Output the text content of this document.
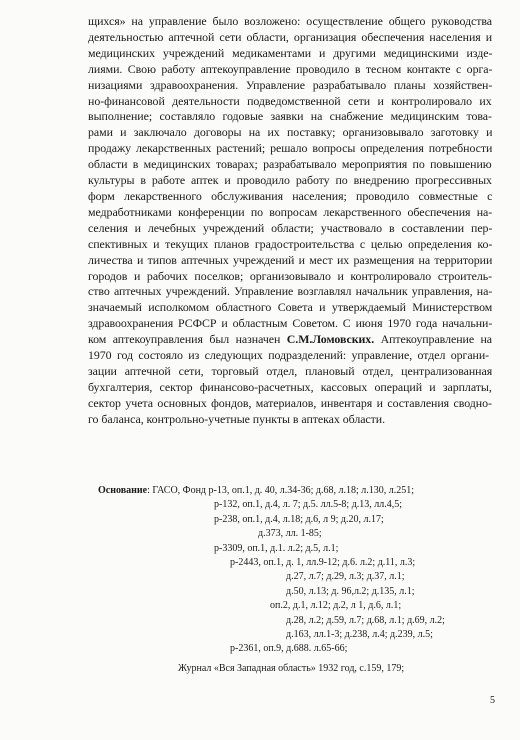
щихся» на управление было возложено: осуществление общего руководства
деятельностью аптечной сети области, организация обеспечения населения и
медицинских учреждений медикаментами и другими медицинскими изде-
лиями. Свою работу аптекоуправление проводило в тесном контакте с орга-
низациями здравоохранения. Управление разрабатывало планы хозяйствен-
но-финансовой деятельности подведомственной сети и контролировало их
выполнение; составляло годовые заявки на снабжение медицинским това-
рами и заключало договоры на их поставку; организовывало заготовку и
продажу лекарственных растений; решало вопросы определения потребности
области в медицинских товарах; разрабатывало мероприятия по повышению
культуры в работе аптек и проводило работу по внедрению прогрессивных
форм лекарственного обслуживания населения; проводило совместные с
медработниками конференции по вопросам лекарственного обеспечения на-
селения и лечебных учреждений области; участвовало в составлении пер-
спективных и текущих планов градостроительства с целью определения ко-
личества и типов аптечных учреждений и мест их размещения на территории
городов и рабочих поселков; организовывало и контролировало строитель-
ство аптечных учреждений. Управление возглавлял начальник управления, на-
значаемый исполкомом областного Совета и утверждаемый Министерством
здравоохранения РСФСР и областным Советом. С июня 1970 года начальни-
ком аптекоуправления был назначен С.М.Ломовских. Аптекоуправление на
1970 год состояло из следующих подразделений: управление, отдел органи-
зации аптечной сети, торговый отдел, плановый отдел, централизованная
бухгалтерия, сектор финансово-расчетных, кассовых операций и зарплаты,
сектор учета основных фондов, материалов, инвентаря и составления сводно-
го баланса, контрольно-учетные пункты в аптеках области.
Основание: ГАСО, Фонд р-13, оп.1, д. 40, л.34-36; д.68, л.18; л.130, л.251;
р-132, оп.1, д.4, л. 7; д.5. лл.5-8; д.13, лл.4,5;
р-238, оп.1, д.4, л.18; д.6, л 9; д.20, л.17;
д.373, лл. 1-85;
р-3309, оп.1, д.1. л.2; д.5, л.1;
р-2443, оп.1, д. 1, лл.9-12; д.6. л.2; д.11, л.3;
д.27, л.7; д.29, л.3; д.37, л.1;
д.50, л.13; д. 96,л.2; д.135, л.1;
оп.2, д.1, л.12; д.2, л 1, д.6, л.1;
д.28, л.2; д.59, л.7; д.68, л.1; д.69, л.2;
д.163, лл.1-3; д.238, л.4; д.239, л.5;
р-2361, оп.9, д.688. л.65-66;
Журнал «Вся Западная область» 1932 год, с.159, 179;
5
